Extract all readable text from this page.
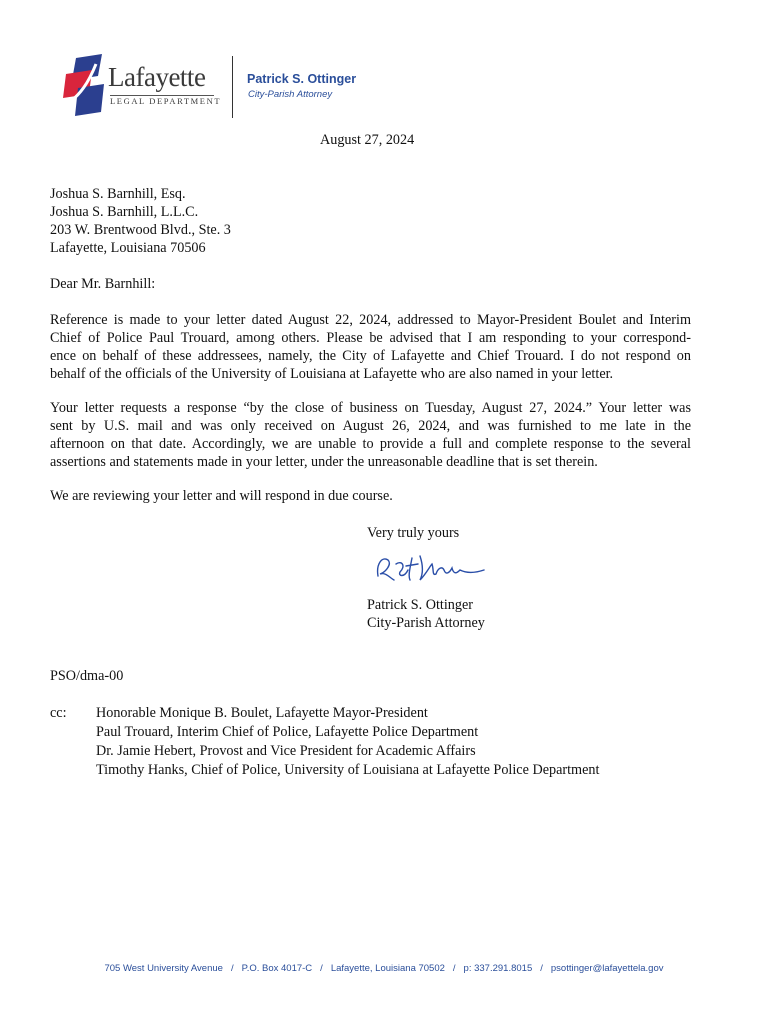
Lafayette
LEGAL DEPARTMENT
Patrick S. Ottinger
City-Parish Attorney
August 27, 2024
Joshua S. Barnhill, Esq.
Joshua S. Barnhill, L.L.C.
203 W. Brentwood Blvd., Ste. 3
Lafayette, Louisiana 70506
Dear Mr. Barnhill:
Reference is made to your letter dated August 22, 2024, addressed to Mayor-President Boulet and Interim
Chief of Police Paul Trouard, among others. Please be advised that I am responding to your correspond-
ence on behalf of these addressees, namely, the City of Lafayette and Chief Trouard. I do not respond on
behalf of the officials of the University of Louisiana at Lafayette who are also named in your letter.
Your letter requests a response “by the close of business on Tuesday, August 27, 2024.” Your letter was
sent by U.S. mail and was only received on August 26, 2024, and was furnished to me late in the
afternoon on that date. Accordingly, we are unable to provide a full and complete response to the several
assertions and statements made in your letter, under the unreasonable deadline that is set therein.
We are reviewing your letter and will respond in due course.
Very truly yours
Patrick S. Ottinger
City-Parish Attorney
PSO/dma-00
cc: Honorable Monique B. Boulet, Lafayette Mayor-President
Paul Trouard, Interim Chief of Police, Lafayette Police Department
Dr. Jamie Hebert, Provost and Vice President for Academic Affairs
Timothy Hanks, Chief of Police, University of Louisiana at Lafayette Police Department
705 West University Avenue / P.O. Box 4017-C / Lafayette, Louisiana 70502 / p: 337.291.8015 / psottinger@lafayettela.gov
